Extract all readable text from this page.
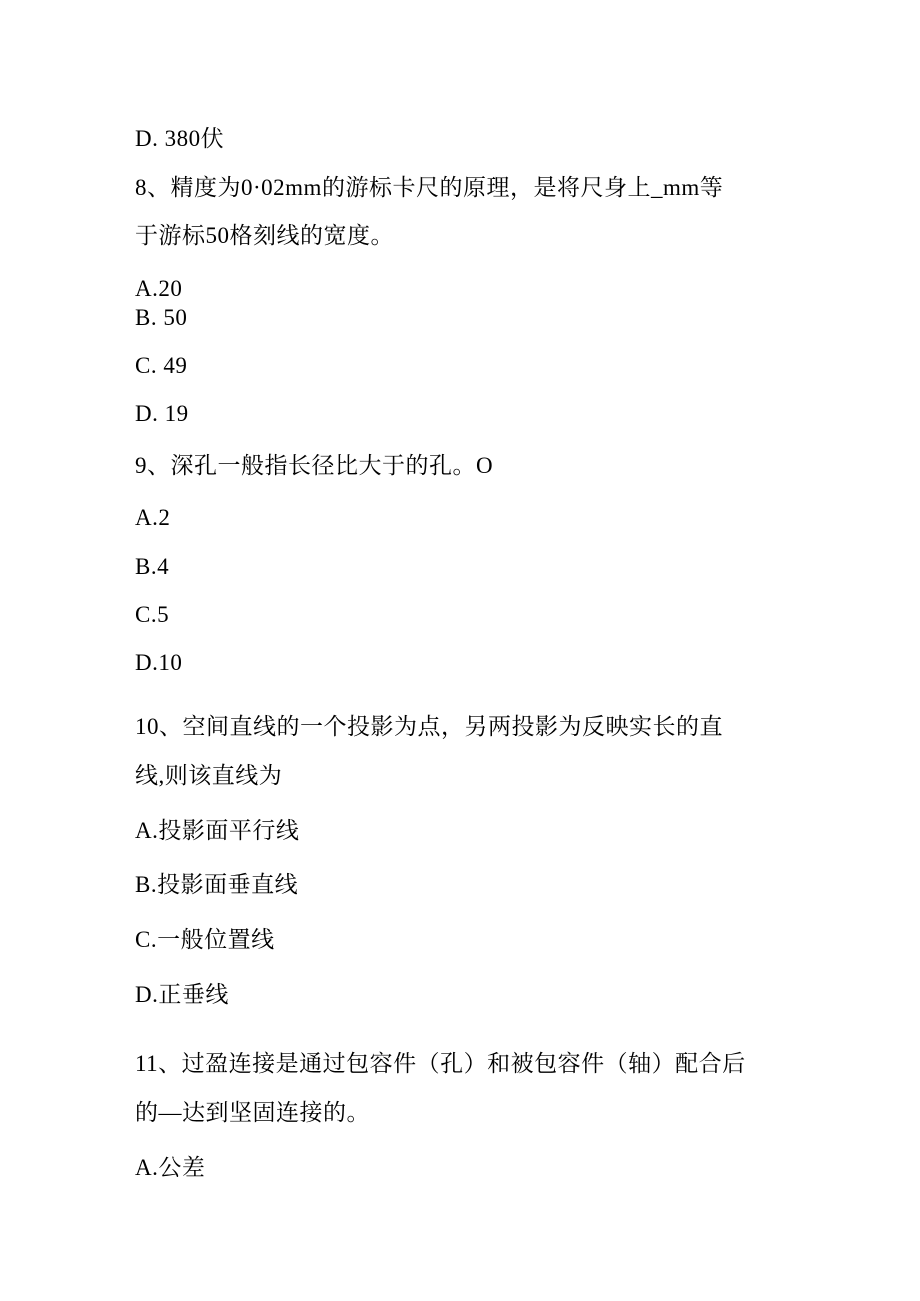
D. 380伏
8、精度为0·02mm的游标卡尺的原理，是将尺身上_mm等
于游标50格刻线的宽度。
A.20
B. 50
C. 49
D. 19
9、深孔一般指长径比大于的孔。O
A.2
B.4
C.5
D.10
10、空间直线的一个投影为点，另两投影为反映实长的直
线,则该直线为
A.投影面平行线
B.投影面垂直线
C.一般位置线
D.正垂线
11、过盈连接是通过包容件（孔）和被包容件（轴）配合后
的—达到坚固连接的。
A.公差
